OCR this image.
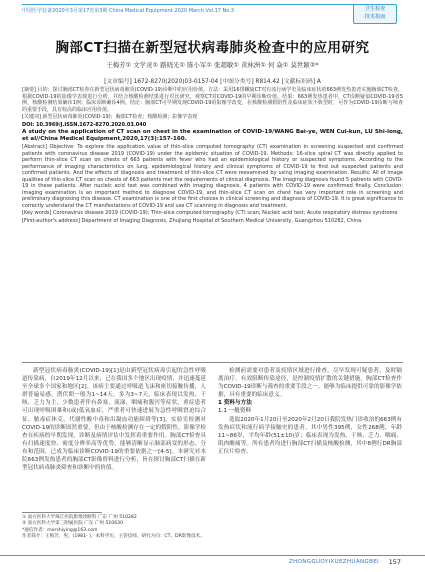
中国医学装备2020年3月第17卷第3期 China Medical Equipment 2020 March Vol.17 No.3	卫生检查
技术指南
胸部CT扫描在新型冠状病毒肺炎检查中的应用研究
王梅芳① 文学灵① 路晓光① 陈小军① 张超敏① 黄林洲① 何 焱① 莫世颖②*
[文章编号] 1672-8270(2020)03-0157-04 [中图分类号] R814.42 [文献标识码] A

[摘要] 目的：探讨胸部CT检查在新型冠状病毒肺炎(COVID-19)诊断中的应用价值。方法：采用16排螺旋CT对有流行病学史及临床症状的663例发热患者实施胸部CT检查，根据COVID-19的影像学表现进行分析，并结合核酸检测结果进行对比研究，观察CT对COVID-19的早期诊断价值。结果：663例发热患者中，CT诊断疑似COVID-19者5例，核酸检测结果确诊1例；临床诊断确诊4例。结论：胸部CT可早期发现COVID-19的影像学改变，在核酸检测假阴性及临床症状不典型时，可作为COVID-19诊断与筛查的重要手段，具有较高的临床应用价值。

[关键词] 新型冠状病毒肺炎(COVID-19)；胸部CT检查；核酸检测；影像学表现

DOI: 10.3969/J.ISSN.1672-8270.2020.03.040

A study on the application of CT scan on chest in the examination of COVID-19/WANG Bai-ye, WEN Cui-kun, LU Shi-long, et al//China Medical Equipment,2020,17(3):157-160.

[Abstract] Objective: To explore the application value of thin-slice computed tomography (CT) examination in screening suspected and confirmed patients with coronavirus disease 2019 (COVID-19) under the epidemic situation of COVID-19. Methods: 16-slice spiral CT was directly applied to perform thin-slice CT scan on chests of 663 patients with fever who had an epidemiological history or suspected symptoms. According to the performance of imaging characteristics on lung, epidemiological history and clinical symptoms of COVID-19 to find out suspected patients and confirmed patients. And the effects of diagnosis and treatment of thin-slice CT were reexamined by using imaging examination. Results: All of image qualities of thin-slice CT scan on chests of 663 patients met the requirements of clinical diagnosis. The imaging diagnosis found 5 patients with COVID-19 in these patients. After nucleic acid test was combined with imaging diagnosis, 4 patients with COVID-19 were confirmed finally. Conclusion: Imaging examination is an important method to diagnose COVID-19, and thin-slice CT scan on chest has very important role in screening and preliminary diagnosing this disease. CT examination is one of the first choices in clinical screening and diagnosis of COVID-19. It is great significance to correctly understand the CT manifestations of COVID-19 and use CT scanning in diagnosis and treatment.

[Key words] Coronavirus disease 2019 (COVID-19); Thin-slice computed tomography (CT) scan; Nucleic acid test; Acute respiratory distress syndrome

[First-author's address] Department of Imaging Diagnosis, Zhujiang Hospital of Southern Medical University, Guangzhou 510282, China.

新型冠状病毒肺炎(COVID-19)[1]是由新型冠状病毒引起的急性呼吸道传染病，自2019年12月以来，已在我国多个地区出现疫情，并迅速蔓延至全球多个国家和地区[2]。该病主要通过呼吸道飞沫和密切接触传播，人群普遍易感，潜伏期一般为1~14天，多为3~7天，临床表现以发热、干咳、乏力为主，少数患者伴有鼻塞、流涕、咽痛和腹泻等症状，重症患者可出现呼吸困难和(或)低氧血症，严重者可快速进展为急性呼吸窘迫综合征、脓毒症休克、代谢性酸中毒和出凝血功能障碍等[3]。实验室检测对COVID-19的诊断固然重要，但由于核酸检测存在一定的假阴性，影像学检查在疾病的早期发现、诊断及病情评估中发挥着重要作用。胸部CT检查具有扫描速度快、密度分辨率高等优势，能够清晰显示肺部病变的形态、分布和范围，已成为临床诊断COVID-19的重要依据之一[4-5]。本研究对本院663例发热患者的胸部CT影像资料进行分析，旨在探讨胸部CT扫描在新型冠状病毒肺炎筛查和诊断中的价值。

检测前需要对患者及疫情区域进行排查，尽早发现可疑患者，及时隔离治疗，有效阻断传染途径，是控制疫情扩散的关键措施。胸部CT检查作为COVID-19诊断与筛查的重要手段之一，能够为临床提供可靠的影像学依据，具有重要的临床意义。

1 资料与方法

1.1 一般资料

选取2020年1月20日至2020年2月20日我院发热门诊收治的663例有发热症状和流行病学接触史的患者，其中男性395例，女性268例，年龄11~86岁，平均年龄(51±10)岁；临床表现为发热、干咳、乏力、咽痛、肌肉酸痛等。所有患者均进行胸部CT扫描及核酸检测，其中8例行DR胸部正位片检查。

① 南方医科大学珠江医院影像诊断科 广东 广州 510282

② 南方医科大学第三附属医院 广东 广州 510630

*通信作者：morshiying@163.com

作者简介：王梅芳，男，(1981- )，本科学历，主管技师，研究方向：CT、DR影像技术。

ZHONGGUOYIXUEZHUANGBEI 157
